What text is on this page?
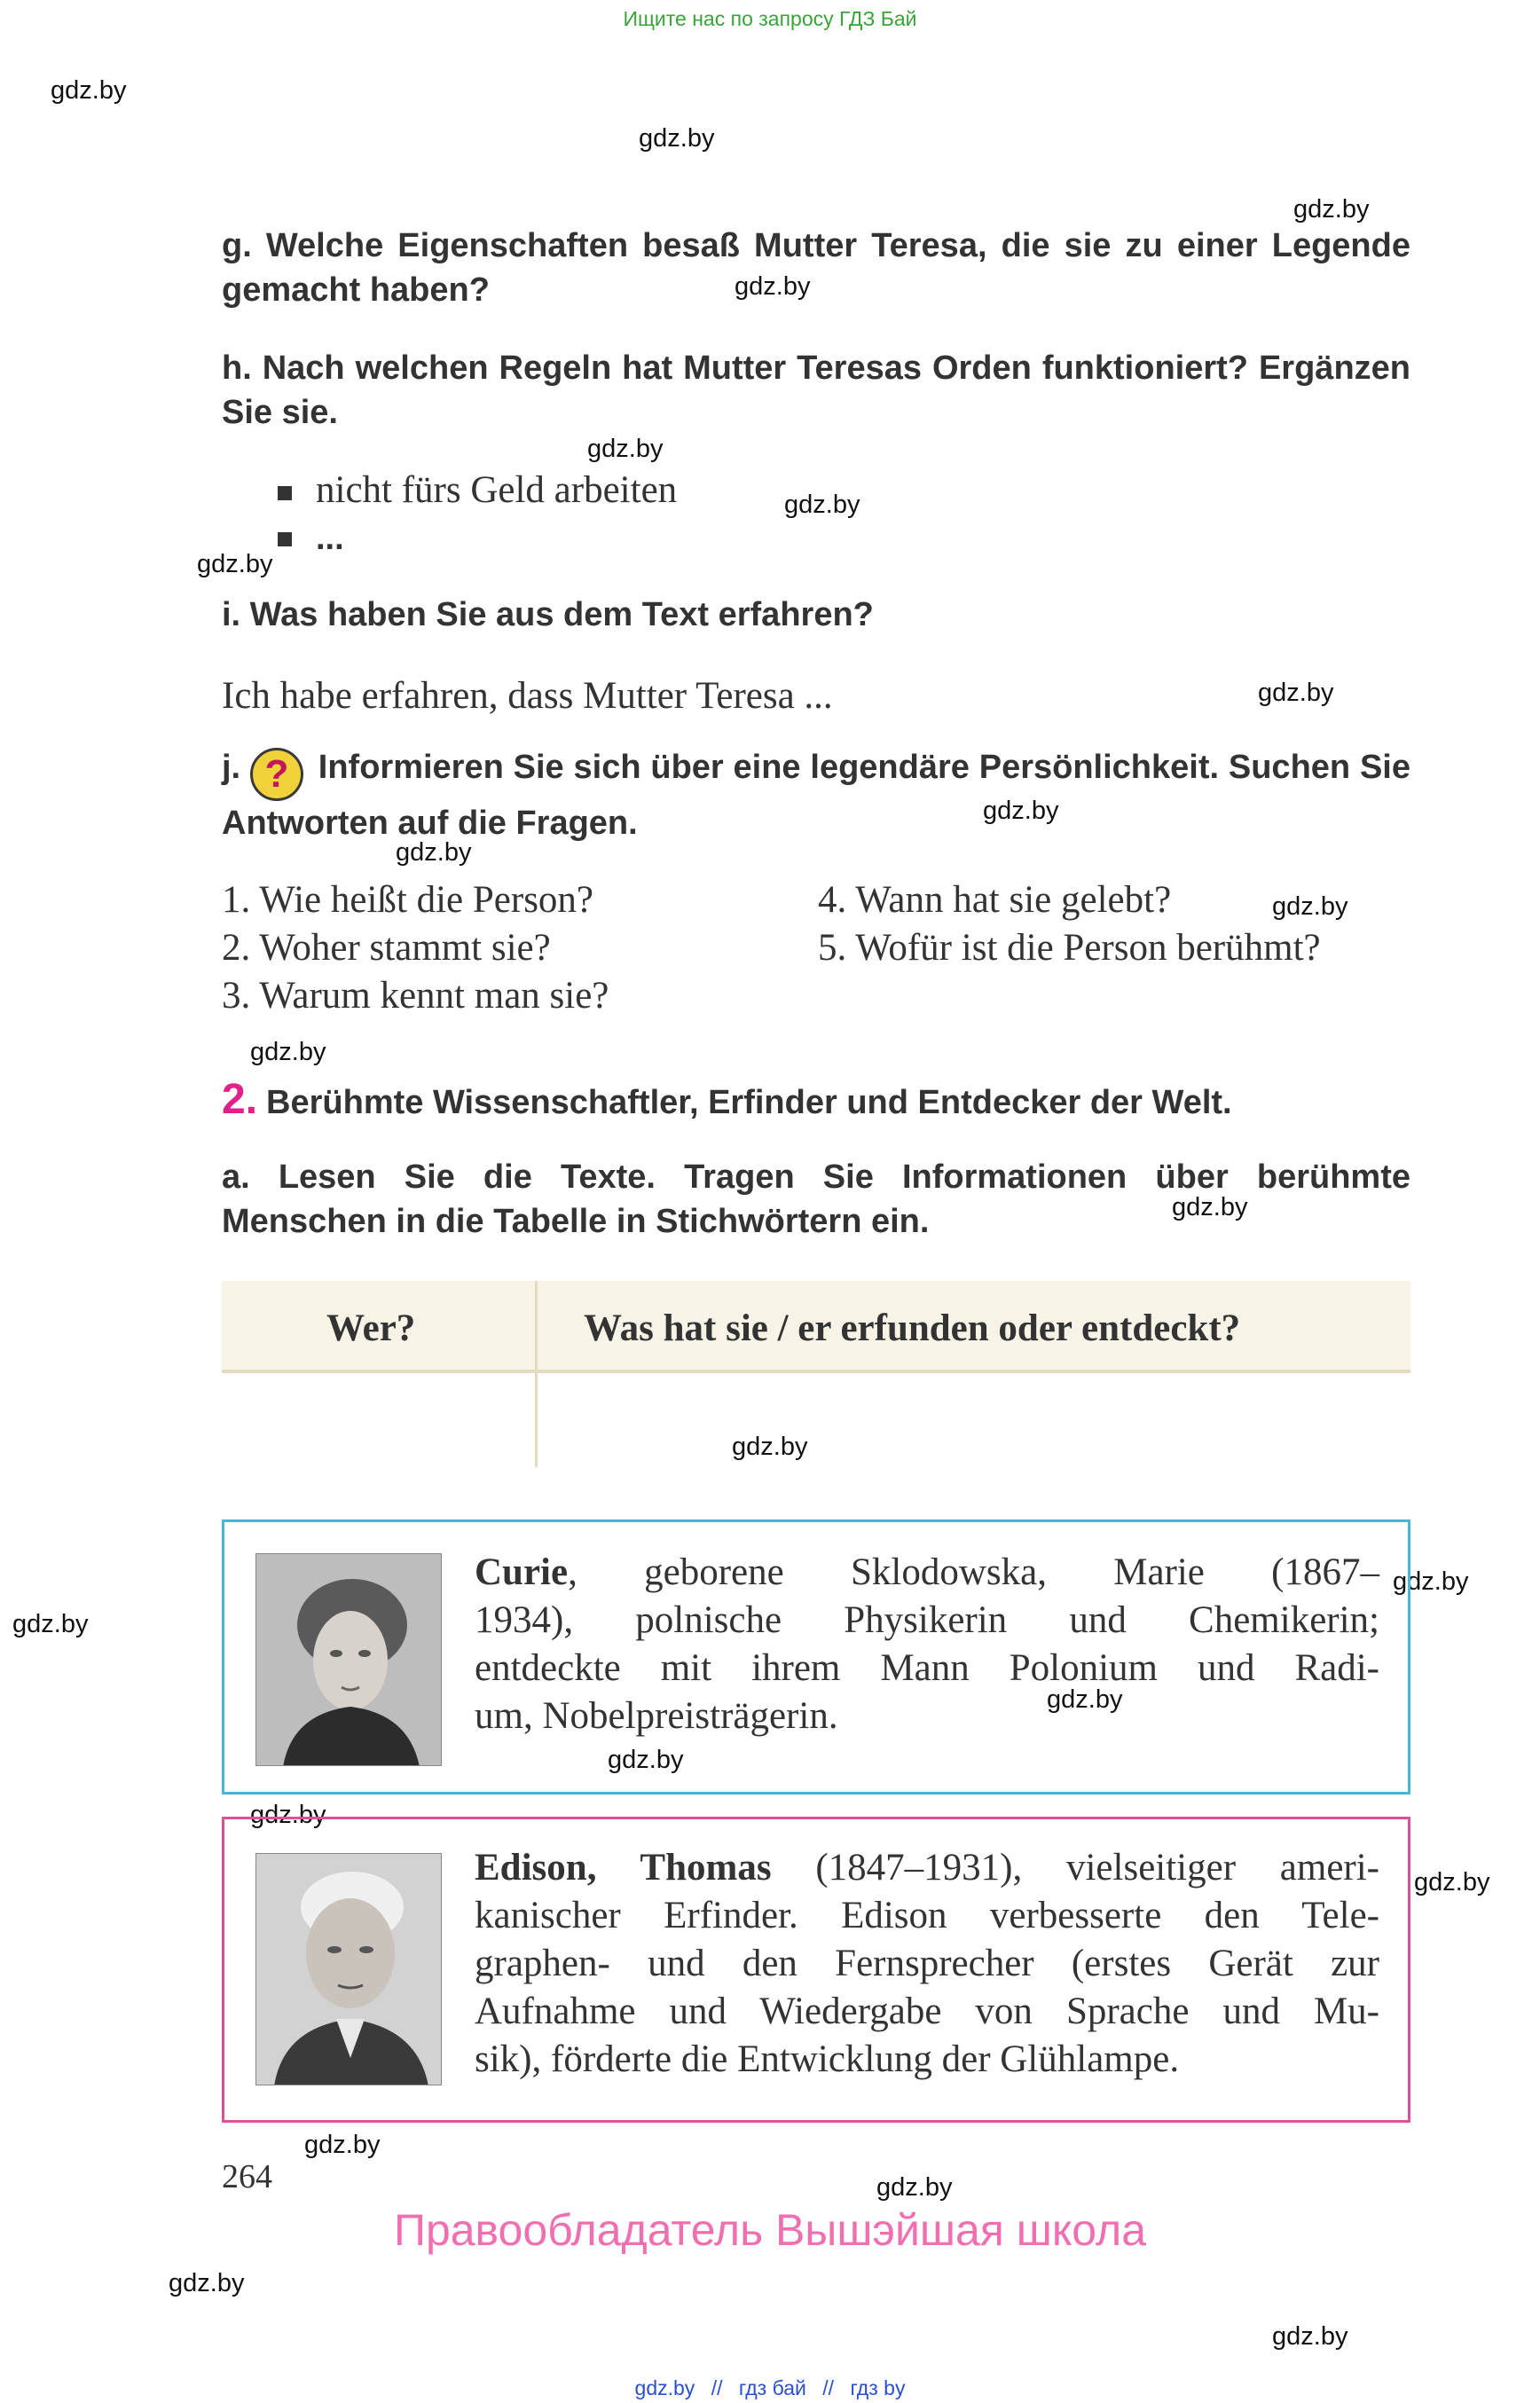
Ищите нас по запросу ГДЗ Бай
gdz.by
gdz.by
gdz.by
gdz.by
gdz.by
gdz.by
gdz.by
gdz.by
gdz.by
gdz.by
gdz.by
gdz.by
gdz.by
gdz.by
gdz.by
gdz.by
gdz.by
gdz.by
gdz.by
gdz.by
gdz.by
gdz.by
gdz.by
gdz.by
g. Welche Eigenschaften besaß Mutter Teresa, die sie zu einer Legende gemacht haben?
h. Nach welchen Regeln hat Mutter Teresas Orden funktioniert? Ergänzen Sie sie.
nicht fürs Geld arbeiten
...
i. Was haben Sie aus dem Text erfahren?
Ich habe erfahren, dass Mutter Teresa ...
j. ? Informieren Sie sich über eine legendäre Persönlichkeit. Suchen Sie Antworten auf die Fragen.
1. Wie heißt die Person?
2. Woher stammt sie?
3. Warum kennt man sie?
4. Wann hat sie gelebt?
5. Wofür ist die Person berühmt?
2. Berühmte Wissenschaftler, Erfinder und Entdecker der Welt.
a. Lesen Sie die Texte. Tragen Sie Informationen über berühmte Menschen in die Tabelle in Stichwörtern ein.
Wer?	Was hat sie / er erfunden oder entdeckt?
Curie, geborene Sklodowska, Marie (1867–
1934), polnische Physikerin und Chemikerin;
entdeckte mit ihrem Mann Polonium und Radi-
um, Nobelpreisträgerin.
Edison, Thomas (1847–1931), vielseitiger ameri-
kanischer Erfinder. Edison verbesserte den Tele-
graphen- und den Fernsprecher (erstes Gerät zur
Aufnahme und Wiedergabe von Sprache und Mu-
sik), förderte die Entwicklung der Glühlampe.
264
Правообладатель Вышэйшая школа
gdz.by // гдз бай // гдз by
